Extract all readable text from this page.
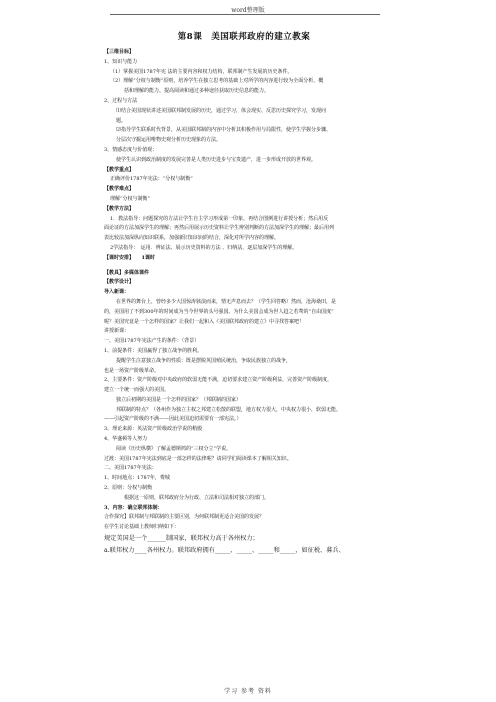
word整理版
第8课　美国联邦政府的建立教案
【三维目标】
1、知识与能力
（1）掌握美国1787年宪 法的主要内容和权力结构，联邦制产生发展的历史条件。
（2）理解“分权与制衡”原则，培养学生在独立思考的基础上对所学的内容进行较为全面分析、概
括和理解的能力。提高阅读和通过多种途径获取历史信息的能力。
2、过程与方法
⑴结合美国现状讲述美国联邦制发展的历史，通过学习，体会现实、反思历史探究学习，发现问
题。
⑵指导学生联系时代背景，从美国联邦制的内容中分析其积极作用与局限性，使学生学握分步骤、
分层次守掘运用唯物史观分析历史现象的方法。
3、情感态度与价值观：
使学生认识到政治制度的发展完善是人类历史进步与宝贵遗产，进一步形成开放的世界观。
【教学重点】
正确评价1787年宪法：“分权与制衡”
【教学难点】
理解“分权与制衡”
【教学方法】
1．教法指导：问题探究的方法让学生自主学习形成第一印象，再结合图例进行讲授分析；然后用反
面论证的方法加深学生的理解；再然后用展示历史资料让学生辨别判断的方法加深学生的理解；最后用列
表比较法加深纵向知识联系，加强新旧知识间的结合，深化对所学内容的理解。
2学法指导：　运用．辨证法、展示历史资料的方法 、归纳法，逐层加深学生的理解。
【课时安排】　　1课时
【教具】多媒体课件
【教学设计】
导入新课：
在世界的舞台上，曾经多少大国惊涛骇浪而来，情无声息而去？（学生回答略）然而，沧海桑田，是
的，美国用了不到300年的时间成为当今世界的头号强国。为什么美国会成为世人趋之若骛的“自由国度”
呢？美国究竟是一个怎样的国家？让我们一起和入《美国联邦政府的建立》中寻找答案吧！
讲授新课：
一、美国1787年宪法产生的条件：（背景）
1、前提条件：美国赢得了独立战争的胜利。
提醒学生注意独立战争的性质：既是摆脱英国殖民统治，争取民族独立的战争，
也是一场资产阶级革命。
2、主要条件：资产阶级对中央政府的软弱无能不满，迫切要求建立资产阶级利益，完善资产阶级制度，
建立一个统一而强大的美国。
独立后初期的美国是一个怎样的国家？（邦联制的国家）
邦联制的特点？（各州作为独立主权之邦建立松散的联盟，地方权力很大，中央权力很小，软弱无能。
——引起资产阶级的不满——因此美国迫切需要有一部宪法。）
3、理论来源：英法资产阶级政治学说的稍骰
4、华盛顿等人努力
阅读《历史纵横》了解孟德斯鸠的“三权分立”学说。
过渡：美国1787年宪法到底是一部怎样的法律呢？请同学们阅读课本了解相关知识。
二、美国1787年宪法：
1、时间地点：1787年，费城
2、原则：分权与制衡
根据这一原则，联邦政府分为行政、立法和司法相对独立的部门。
3、内容：确立联邦体制：
合作探究】联邦制与邦联制的主要区别，为何联邦制更适合美国的发展？
在学生讨论基础上教师归纳如下：
规定美国是一个______制国家，联邦权力高于各州权力；
a.联邦权力____各州权力。联邦政府拥有_____、_____、_____和_____，如征税、募兵、
学习 参考 资料
